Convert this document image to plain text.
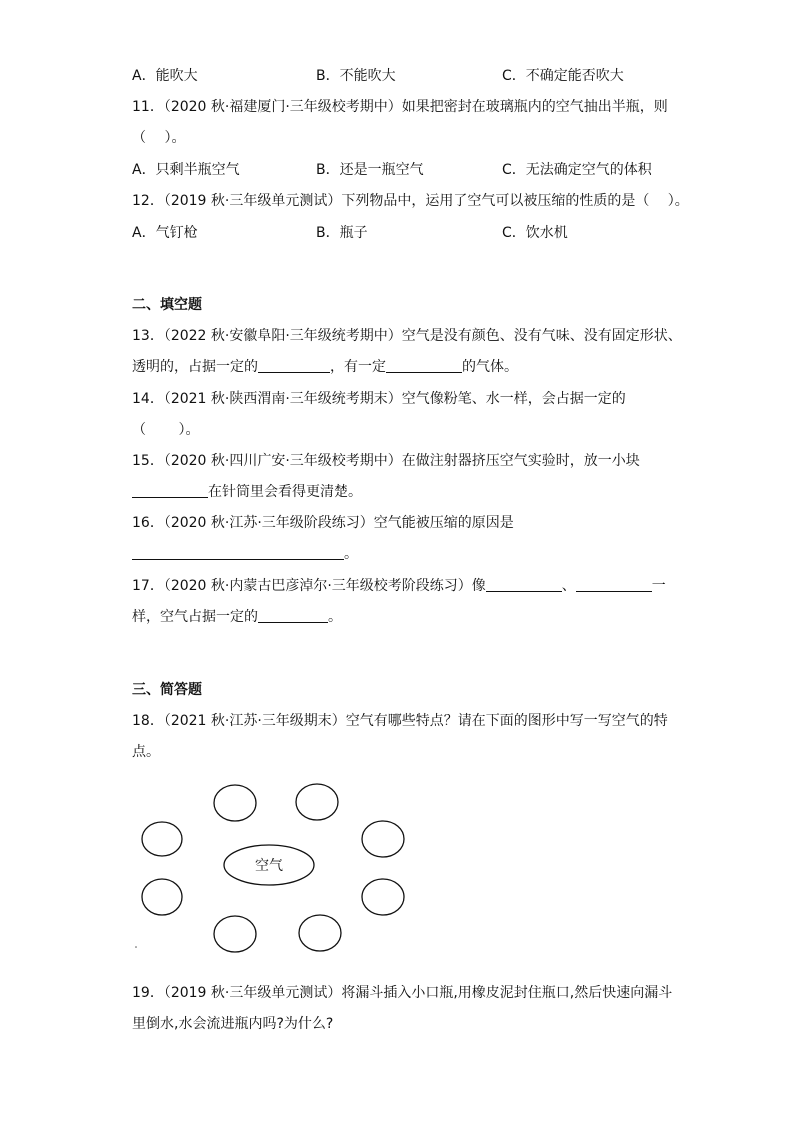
A．能吹大	B．不能吹大	C．不确定能否吹大
11．（2020 秋·福建厦门·三年级校考期中）如果把密封在玻璃瓶内的空气抽出半瓶，则
（　 ）。
A．只剩半瓶空气	B．还是一瓶空气	C．无法确定空气的体积
12．（2019 秋·三年级单元测试）下列物品中，运用了空气可以被压缩的性质的是（　 ）。
A．气钉枪	B．瓶子	C．饮水机
二、填空题
13．（2022 秋·安徽阜阳·三年级统考期中）空气是没有颜色、没有气味、没有固定形状、
透明的，占据一定的	，有一定	的气体。
14．（2021 秋·陕西渭南·三年级统考期末）空气像粉笔、水一样，会占据一定的
（　　 ）。
15．（2020 秋·四川广安·三年级校考期中）在做注射器挤压空气实验时，放一小块
在针筒里会看得更清楚。
16．（2020 秋·江苏·三年级阶段练习）空气能被压缩的原因是
。
17．（2020 秋·内蒙古巴彦淖尔·三年级校考阶段练习）像	、	一
样，空气占据一定的	。
三、简答题
18．（2021 秋·江苏·三年级期末）空气有哪些特点？请在下面的图形中写一写空气的特
点。
空气
19．（2019 秋·三年级单元测试）将漏斗插入小口瓶,用橡皮泥封住瓶口,然后快速向漏斗
里倒水,水会流进瓶内吗?为什么?
